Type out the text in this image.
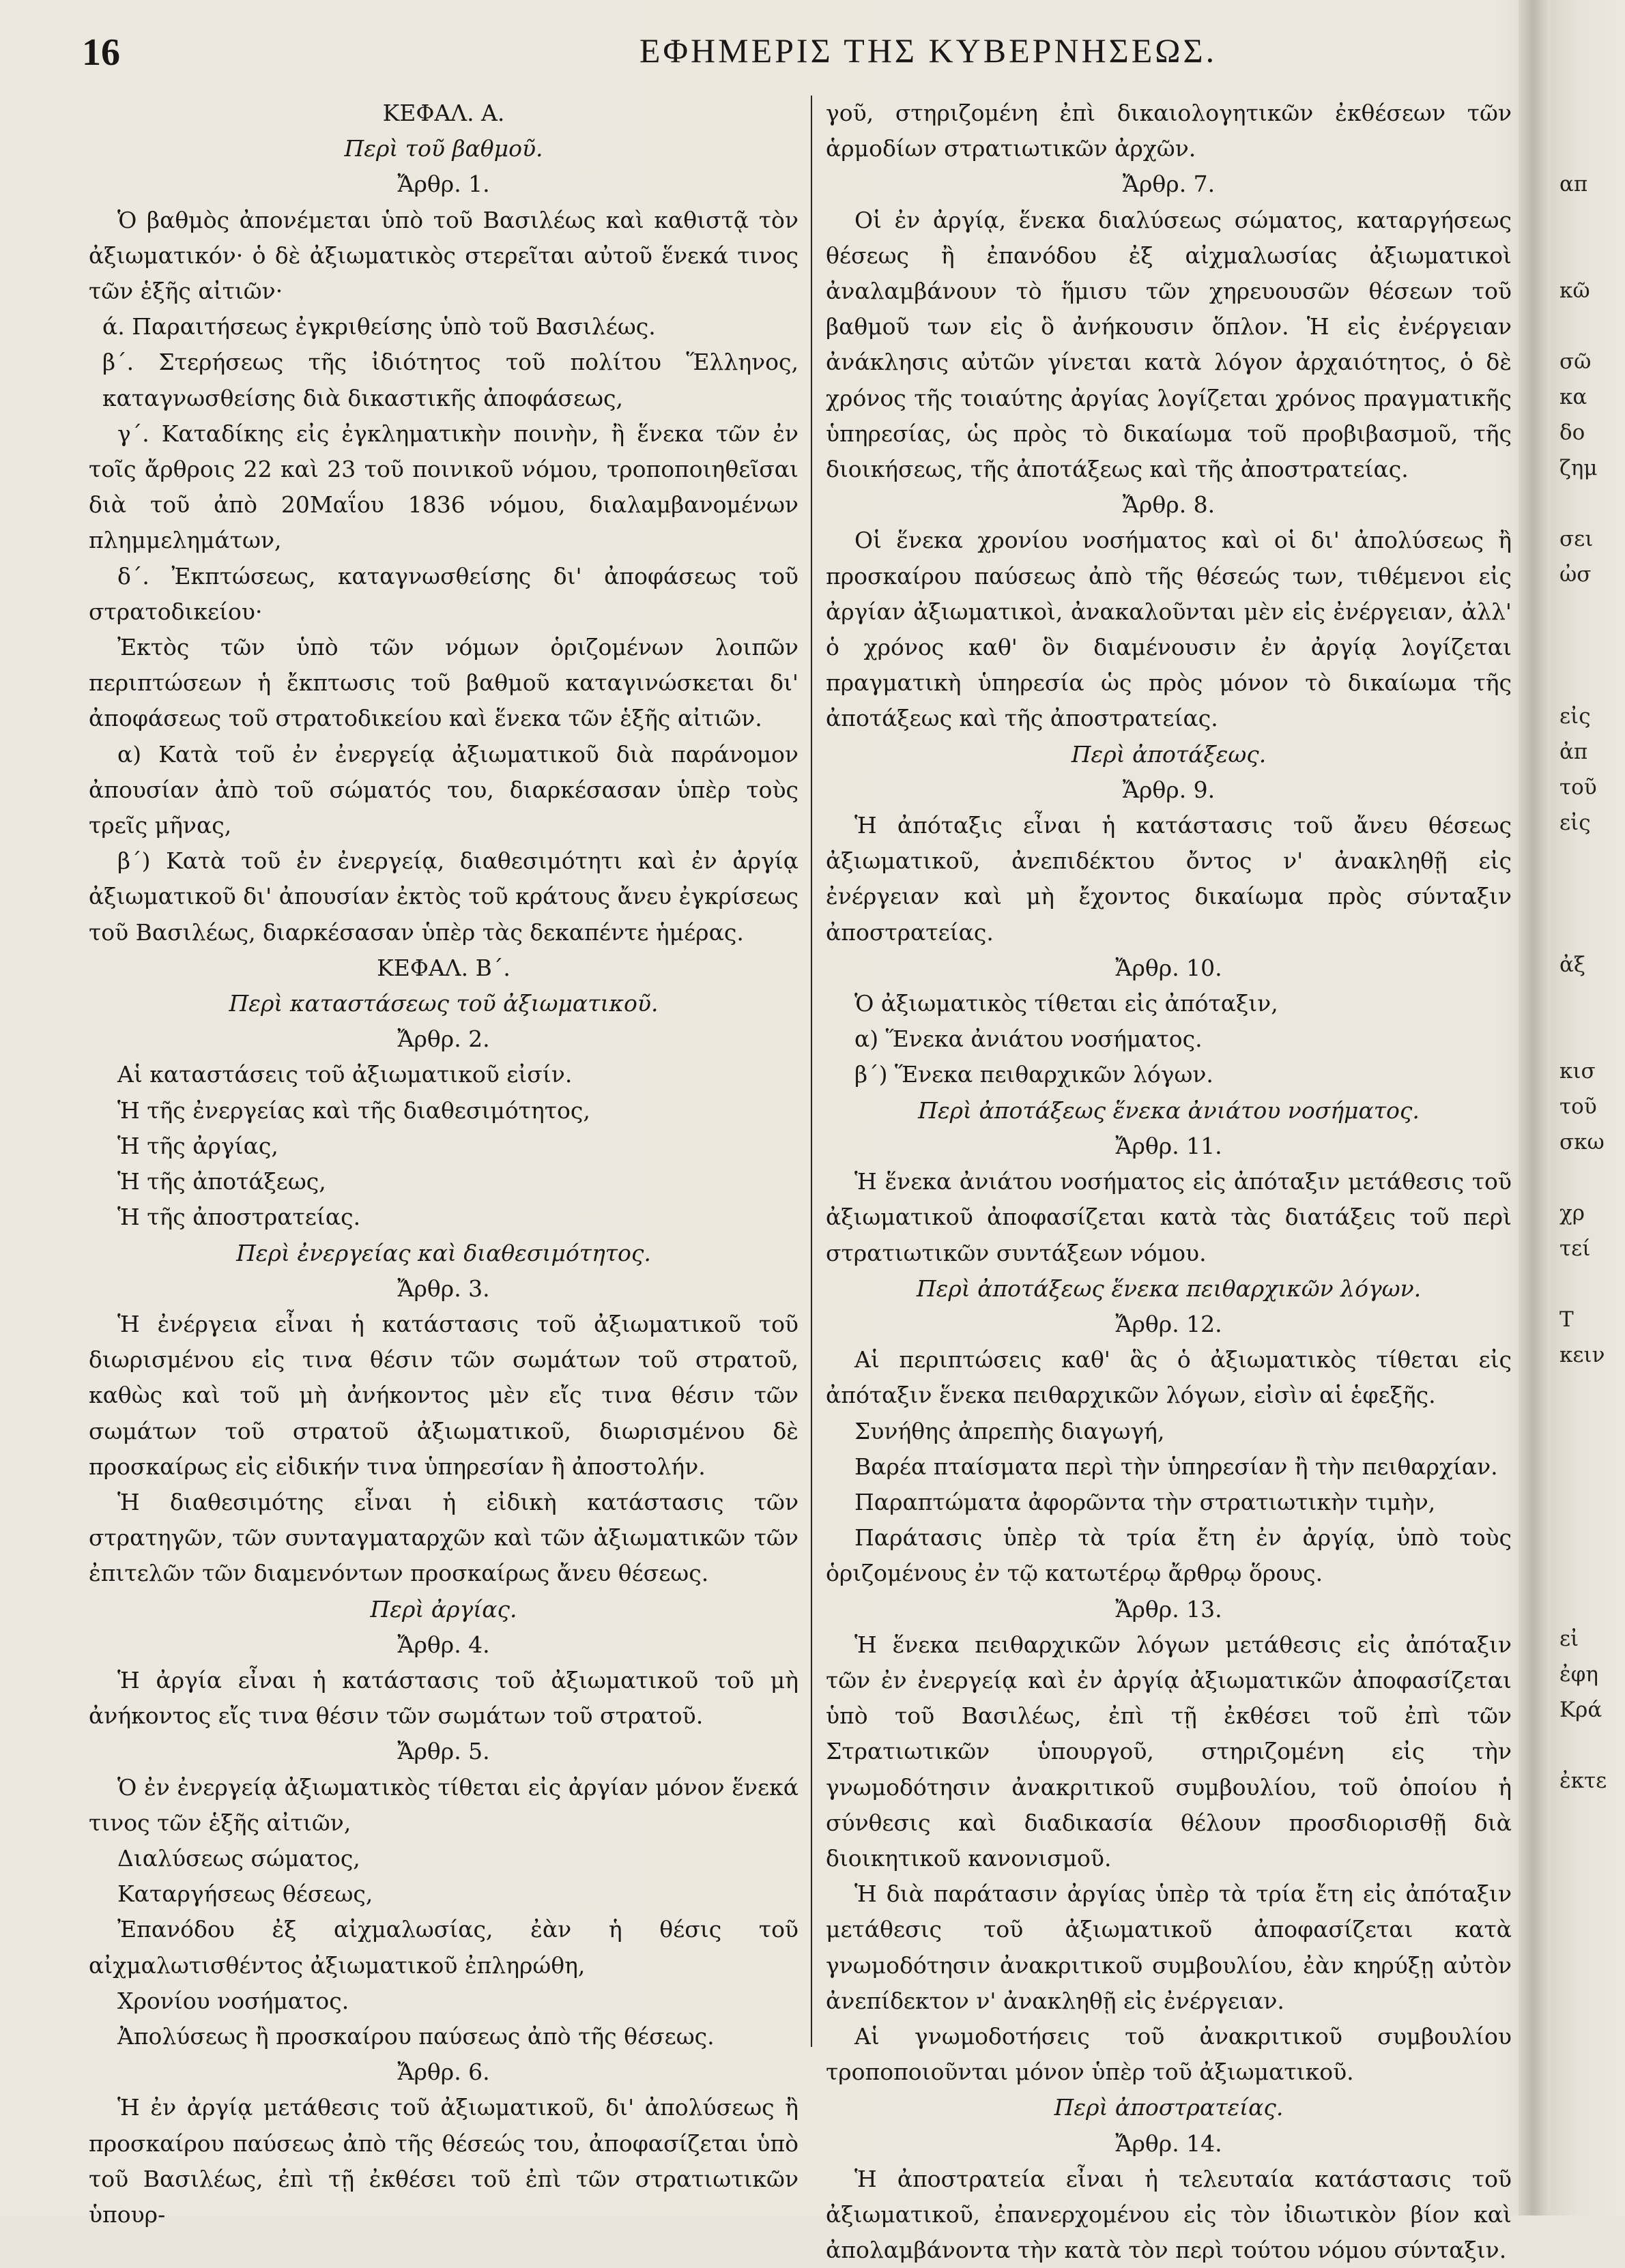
16	ΕΦΗΜΕΡΙΣ ΤΗΣ ΚΥΒΕΡΝΗΣΕΩΣ.

ΚΕΦΑΛ. Α.

Περὶ τοῦ βαθμοῦ.

Ἄρθρ. 1.

Ὁ βαθμὸς ἀπονέμεται ὑπὸ τοῦ Βασιλέως καὶ καθιστᾷ τὸν ἀξιωματικόν· ὁ δὲ ἀξιωματικὸς στερεῖται αὐτοῦ ἕνεκά τινος τῶν ἑξῆς αἰτιῶν·

ά. Παραιτήσεως ἐγκριθείσης ὑπὸ τοῦ Βασιλέως.

β΄. Στερήσεως τῆς ἰδιότητος τοῦ πολίτου Ἕλληνος, καταγνωσθείσης διὰ δικαστικῆς ἀποφάσεως,

γ΄. Καταδίκης εἰς ἐγκληματικὴν ποινὴν, ἢ ἕνεκα τῶν ἐν τοῖς ἄρθροις 22 καὶ 23 τοῦ ποινικοῦ νόμου, τροποποιηθεῖσαι διὰ τοῦ ἀπὸ 20Μαΐου 1836 νόμου, διαλαμβανομένων πλημμελημάτων,

δ΄. Ἐκπτώσεως, καταγνωσθείσης δι' ἀποφάσεως τοῦ στρατοδικείου·

Ἐκτὸς τῶν ὑπὸ τῶν νόμων ὁριζομένων λοιπῶν περιπτώσεων ἡ ἔκπτωσις τοῦ βαθμοῦ καταγινώσκεται δι' ἀποφάσεως τοῦ στρατοδικείου καὶ ἕνεκα τῶν ἑξῆς αἰτιῶν.

α) Κατὰ τοῦ ἐν ἐνεργείᾳ ἀξιωματικοῦ διὰ παράνομον ἀπουσίαν ἀπὸ τοῦ σώματός του, διαρκέσασαν ὑπὲρ τοὺς τρεῖς μῆνας,

β΄) Κατὰ τοῦ ἐν ἐνεργείᾳ, διαθεσιμότητι καὶ ἐν ἀργίᾳ ἀξιωματικοῦ δι' ἀπουσίαν ἐκτὸς τοῦ κράτους ἄνευ ἐγκρίσεως τοῦ Βασιλέως, διαρκέσασαν ὑπὲρ τὰς δεκαπέντε ἡμέρας.

ΚΕΦΑΛ. Β΄.

Περὶ καταστάσεως τοῦ ἀξιωματικοῦ.

Ἄρθρ. 2.

Αἱ καταστάσεις τοῦ ἀξιωματικοῦ εἰσίν.

Ἡ τῆς ἐνεργείας καὶ τῆς διαθεσιμότητος,

Ἡ τῆς ἀργίας,

Ἡ τῆς ἀποτάξεως,

Ἡ τῆς ἀποστρατείας.

Περὶ ἐνεργείας καὶ διαθεσιμότητος.

Ἄρθρ. 3.

Ἡ ἐνέργεια εἶναι ἡ κατάστασις τοῦ ἀξιωματικοῦ τοῦ διωρισμένου εἰς τινα θέσιν τῶν σωμάτων τοῦ στρατοῦ, καθὼς καὶ τοῦ μὴ ἀνήκοντος μὲν εἴς τινα θέσιν τῶν σωμάτων τοῦ στρατοῦ ἀξιωματικοῦ, διωρισμένου δὲ προσκαίρως εἰς εἰδικήν τινα ὑπηρεσίαν ἢ ἀποστολήν.

Ἡ διαθεσιμότης εἶναι ἡ εἰδικὴ κατάστασις τῶν στρατηγῶν, τῶν συνταγματαρχῶν καὶ τῶν ἀξιωματικῶν τῶν ἐπιτελῶν τῶν διαμενόντων προσκαίρως ἄνευ θέσεως.

Περὶ ἀργίας.

Ἄρθρ. 4.

Ἡ ἀργία εἶναι ἡ κατάστασις τοῦ ἀξιωματικοῦ τοῦ μὴ ἀνήκοντος εἴς τινα θέσιν τῶν σωμάτων τοῦ στρατοῦ.

Ἄρθρ. 5.

Ὁ ἐν ἐνεργείᾳ ἀξιωματικὸς τίθεται εἰς ἀργίαν μόνον ἕνεκά τινος τῶν ἑξῆς αἰτιῶν,

Διαλύσεως σώματος,

Καταργήσεως θέσεως,

Ἐπανόδου ἐξ αἰχμαλωσίας, ἐὰν ἡ θέσις τοῦ αἰχμαλωτισθέντος ἀξιωματικοῦ ἐπληρώθη,

Χρονίου νοσήματος.

Ἀπολύσεως ἢ προσκαίρου παύσεως ἀπὸ τῆς θέσεως.

Ἄρθρ. 6.

Ἡ ἐν ἀργίᾳ μετάθεσις τοῦ ἀξιωματικοῦ, δι' ἀπολύσεως ἢ προσκαίρου παύσεως ἀπὸ τῆς θέσεώς του, ἀποφασίζεται ὑπὸ τοῦ Βασιλέως, ἐπὶ τῇ ἐκθέσει τοῦ ἐπὶ τῶν στρατιωτικῶν ὑπουρ-

γοῦ, στηριζομένη ἐπὶ δικαιολογητικῶν ἐκθέσεων τῶν ἁρμοδίων στρατιωτικῶν ἀρχῶν.

Ἄρθρ. 7.

Οἱ ἐν ἀργίᾳ, ἕνεκα διαλύσεως σώματος, καταργήσεως θέσεως ἢ ἐπανόδου ἐξ αἰχμαλωσίας ἀξιωματικοὶ ἀναλαμβάνουν τὸ ἥμισυ τῶν χηρευουσῶν θέσεων τοῦ βαθμοῦ των εἰς ὃ ἀνήκουσιν ὅπλον. Ἡ εἰς ἐνέργειαν ἀνάκλησις αὐτῶν γίνεται κατὰ λόγον ἀρχαιότητος, ὁ δὲ χρόνος τῆς τοιαύτης ἀργίας λογίζεται χρόνος πραγματικῆς ὑπηρεσίας, ὡς πρὸς τὸ δικαίωμα τοῦ προβιβασμοῦ, τῆς διοικήσεως, τῆς ἀποτάξεως καὶ τῆς ἀποστρατείας.

Ἄρθρ. 8.

Οἱ ἕνεκα χρονίου νοσήματος καὶ οἱ δι' ἀπολύσεως ἢ προσκαίρου παύσεως ἀπὸ τῆς θέσεώς των, τιθέμενοι εἰς ἀργίαν ἀξιωματικοὶ, ἀνακαλοῦνται μὲν εἰς ἐνέργειαν, ἀλλ' ὁ χρόνος καθ' ὃν διαμένουσιν ἐν ἀργίᾳ λογίζεται πραγματικὴ ὑπηρεσία ὡς πρὸς μόνον τὸ δικαίωμα τῆς ἀποτάξεως καὶ τῆς ἀποστρατείας.

Περὶ ἀποτάξεως.

Ἄρθρ. 9.

Ἡ ἀπόταξις εἶναι ἡ κατάστασις τοῦ ἄνευ θέσεως ἀξιωματικοῦ, ἀνεπιδέκτου ὄντος ν' ἀνακληθῇ εἰς ἐνέργειαν καὶ μὴ ἔχοντος δικαίωμα πρὸς σύνταξιν ἀποστρατείας.

Ἄρθρ. 10.

Ὁ ἀξιωματικὸς τίθεται εἰς ἀπόταξιν,

α) Ἕνεκα ἀνιάτου νοσήματος.

β΄) Ἕνεκα πειθαρχικῶν λόγων.

Περὶ ἀποτάξεως ἕνεκα ἀνιάτου νοσήματος.

Ἄρθρ. 11.

Ἡ ἕνεκα ἀνιάτου νοσήματος εἰς ἀπόταξιν μετάθεσις τοῦ ἀξιωματικοῦ ἀποφασίζεται κατὰ τὰς διατάξεις τοῦ περὶ στρατιωτικῶν συντάξεων νόμου.

Περὶ ἀποτάξεως ἕνεκα πειθαρχικῶν λόγων.

Ἄρθρ. 12.

Αἱ περιπτώσεις καθ' ἃς ὁ ἀξιωματικὸς τίθεται εἰς ἀπόταξιν ἕνεκα πειθαρχικῶν λόγων, εἰσὶν αἱ ἑφεξῆς.

Συνήθης ἀπρεπὴς διαγωγή,

Βαρέα πταίσματα περὶ τὴν ὑπηρεσίαν ἢ τὴν πειθαρχίαν.

Παραπτώματα ἀφορῶντα τὴν στρατιωτικὴν τιμὴν,

Παράτασις ὑπὲρ τὰ τρία ἔτη ἐν ἀργίᾳ, ὑπὸ τοὺς ὁριζομένους ἐν τῷ κατωτέρῳ ἄρθρῳ ὅρους.

Ἄρθρ. 13.

Ἡ ἕνεκα πειθαρχικῶν λόγων μετάθεσις εἰς ἀπόταξιν τῶν ἐν ἐνεργείᾳ καὶ ἐν ἀργίᾳ ἀξιωματικῶν ἀποφασίζεται ὑπὸ τοῦ Βασιλέως, ἐπὶ τῇ ἐκθέσει τοῦ ἐπὶ τῶν Στρατιωτικῶν ὑπουργοῦ, στηριζομένη εἰς τὴν γνωμοδότησιν ἀνακριτικοῦ συμβουλίου, τοῦ ὁποίου ἡ σύνθεσις καὶ διαδικασία θέλουν προσδιορισθῇ διὰ διοικητικοῦ κανονισμοῦ.

Ἡ διὰ παράτασιν ἀργίας ὑπὲρ τὰ τρία ἔτη εἰς ἀπόταξιν μετάθεσις τοῦ ἀξιωματικοῦ ἀποφασίζεται κατὰ γνωμοδότησιν ἀνακριτικοῦ συμβουλίου, ἐὰν κηρύξῃ αὐτὸν ἀνεπίδεκτον ν' ἀνακληθῇ εἰς ἐνέργειαν.

Αἱ γνωμοδοτήσεις τοῦ ἀνακριτικοῦ συμβουλίου τροποποιοῦνται μόνον ὑπὲρ τοῦ ἀξιωματικοῦ.

Περὶ ἀποστρατείας.

Ἄρθρ. 14.

Ἡ ἀποστρατεία εἶναι ἡ τελευταία κατάστασις τοῦ ἀξιωματικοῦ, ἐπανερχομένου εἰς τὸν ἰδιωτικὸν βίον καὶ ἀπολαμβάνοντα τὴν κατὰ τὸν περὶ τούτου νόμου σύνταξιν.

απ
κῶ
σῶ
κα
δο
ζημ
σει
ὠσ
εἰς
ἀπ
τοῦ
εἰς
ἀξ
κισ
τοῦ
σκω
χρ
τεί
Τ
κειν
εἰ
ἐφη
Κρά
ἐκτε
